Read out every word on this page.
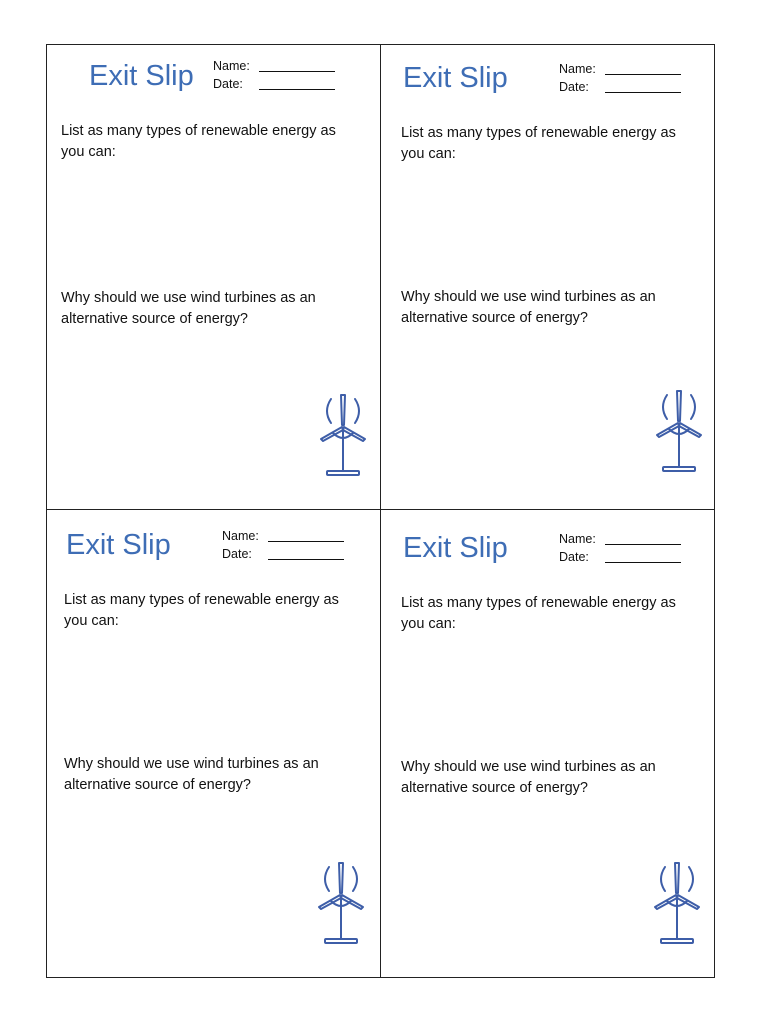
Exit Slip Name:
Date:
List as many types of renewable energy as you can:
Why should we use wind turbines as an alternative source of energy?
Exit Slip	Name:
Date:
List as many types of renewable energy as you can:
Why should we use wind turbines as an alternative source of energy?
Exit Slip	Name:
Date:
List as many types of renewable energy as you can:
Why should we use wind turbines as an alternative source of energy?
Exit Slip	Name:
Date:
List as many types of renewable energy as you can:
Why should we use wind turbines as an alternative source of energy?
